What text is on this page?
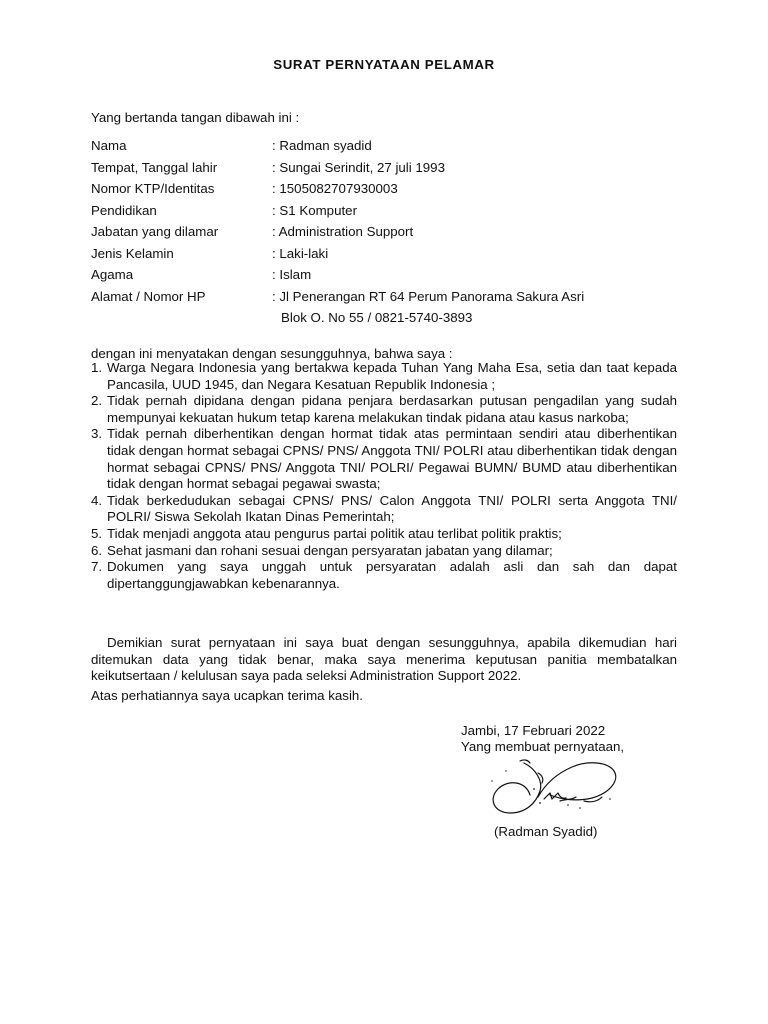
SURAT PERNYATAAN PELAMAR
Yang bertanda tangan dibawah ini :
Nama	: Radman syadid
Tempat, Tanggal lahir	: Sungai Serindit, 27 juli 1993
Nomor KTP/Identitas	: 1505082707930003
Pendidikan	: S1 Komputer
Jabatan yang dilamar	: Administration Support
Jenis Kelamin	: Laki-laki
Agama	: Islam
Alamat / Nomor HP	: Jl Penerangan RT 64 Perum Panorama Sakura Asri
Blok O. No 55 / 0821-5740-3893
dengan ini menyatakan dengan sesungguhnya, bahwa saya :
1. Warga Negara Indonesia yang bertakwa kepada Tuhan Yang Maha Esa, setia dan taat kepada Pancasila, UUD 1945, dan Negara Kesatuan Republik Indonesia ;
2. Tidak pernah dipidana dengan pidana penjara berdasarkan putusan pengadilan yang sudah mempunyai kekuatan hukum tetap karena melakukan tindak pidana atau kasus narkoba;
3. Tidak pernah diberhentikan dengan hormat tidak atas permintaan sendiri atau diberhentikan tidak dengan hormat sebagai CPNS/ PNS/ Anggota TNI/ POLRI atau diberhentikan tidak dengan hormat sebagai CPNS/ PNS/ Anggota TNI/ POLRI/ Pegawai BUMN/ BUMD atau diberhentikan tidak dengan hormat sebagai pegawai swasta;
4. Tidak berkedudukan sebagai CPNS/ PNS/ Calon Anggota TNI/ POLRI serta Anggota TNI/ POLRI/ Siswa Sekolah Ikatan Dinas Pemerintah;
5. Tidak menjadi anggota atau pengurus partai politik atau terlibat politik praktis;
6. Sehat jasmani dan rohani sesuai dengan persyaratan jabatan yang dilamar;
7. Dokumen yang saya unggah untuk persyaratan adalah asli dan sah dan dapat dipertanggungjawabkan kebenarannya.

Demikian surat pernyataan ini saya buat dengan sesungguhnya, apabila dikemudian hari ditemukan data yang tidak benar, maka saya menerima keputusan panitia membatalkan keikutsertaan / kelulusan saya pada seleksi Administration Support 2022.

Atas perhatiannya saya ucapkan terima kasih.
Jambi, 17 Februari 2022
Yang membuat pernyataan,
(Radman Syadid)
